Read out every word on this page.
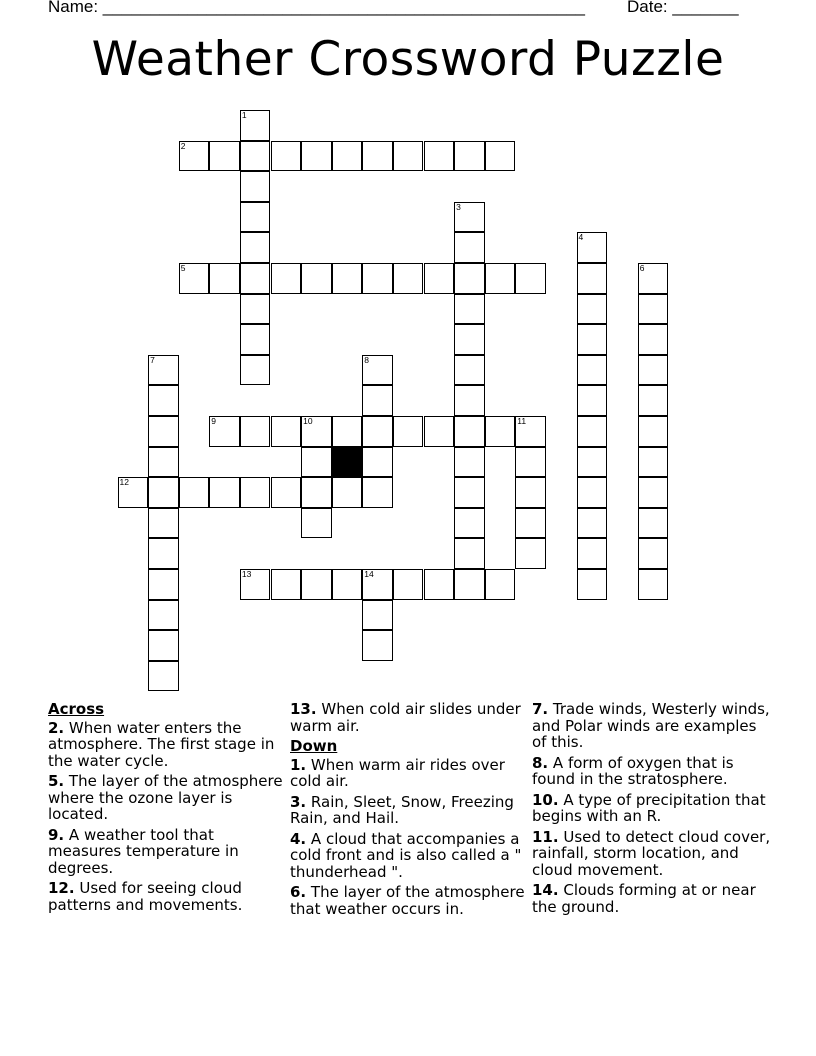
Name: ___________________________________________________ Date: _______
Weather Crossword Puzzle
2
5
9	10	11
12
13	14
1
3
4
6
7	8
Across
2. When water enters the atmosphere. The first stage in the water cycle.
5. The layer of the atmosphere where the ozone layer is located.
9. A weather tool that measures temperature in degrees.
12. Used for seeing cloud patterns and movements.
13. When cold air slides under warm air.
Down
1. When warm air rides over cold air.
3. Rain, Sleet, Snow, Freezing Rain, and Hail.
4. A cloud that accompanies a cold front and is also called a " thunderhead ".
6. The layer of the atmosphere that weather occurs in.
7. Trade winds, Westerly winds, and Polar winds are examples of this.
8. A form of oxygen that is found in the stratosphere.
10. A type of precipitation that begins with an R.
11. Used to detect cloud cover, rainfall, storm location, and cloud movement.
14. Clouds forming at or near the ground.
